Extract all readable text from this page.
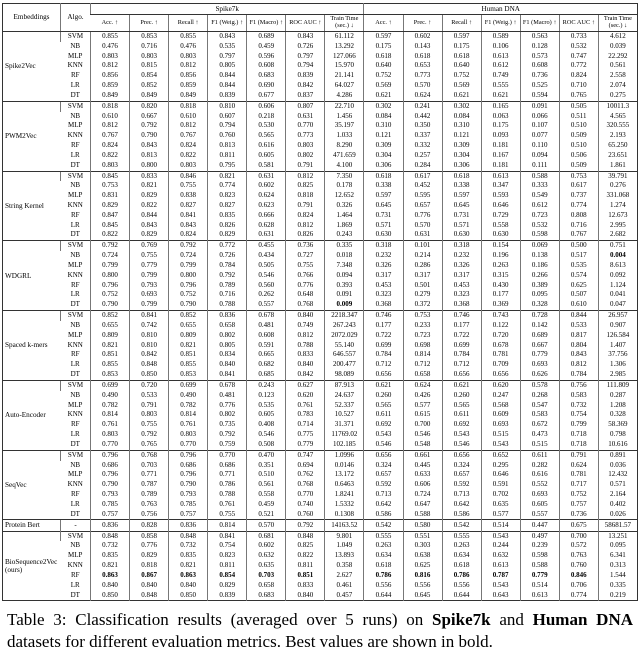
Embeddings	Algo.	Spike7k							Human DNA						
		Acc. ↑	Prec. ↑	Recall ↑	F1 (Weig.) ↑	F1 (Macro) ↑	ROC AUC ↑	Train Time (sec.) ↓	Acc. ↑	Prec. ↑	Recall ↑	F1 (Weig.) ↑	F1 (Macro) ↑	ROC AUC ↑	Train Time (sec.) ↓
Spike2Vec	SVM	0.855	0.853	0.855	0.843	0.689	0.843	61.112	0.597	0.602	0.597	0.589	0.563	0.733	4.612
	NB	0.476	0.716	0.476	0.535	0.459	0.726	13.292	0.175	0.143	0.175	0.106	0.128	0.532	0.039
	MLP	0.803	0.803	0.803	0.797	0.596	0.797	127.066	0.618	0.618	0.618	0.613	0.573	0.747	22.292
	KNN	0.812	0.815	0.812	0.805	0.608	0.794	15.970	0.640	0.653	0.640	0.612	0.608	0.772	0.561
	RF	0.856	0.854	0.856	0.844	0.683	0.839	21.141	0.752	0.773	0.752	0.749	0.736	0.824	2.558
	LR	0.859	0.852	0.859	0.844	0.690	0.842	64.027	0.569	0.570	0.569	0.555	0.525	0.710	2.074
	DT	0.849	0.849	0.849	0.839	0.677	0.837	4.286	0.621	0.624	0.621	0.621	0.594	0.765	0.275
PWM2Vec	SVM	0.818	0.820	0.818	0.810	0.606	0.807	22.710	0.302	0.241	0.302	0.165	0.091	0.505	10011.3
	NB	0.610	0.667	0.610	0.607	0.218	0.631	1.456	0.084	0.442	0.084	0.063	0.066	0.511	4.565
	MLP	0.812	0.792	0.812	0.794	0.530	0.770	35.197	0.310	0.350	0.310	0.175	0.107	0.510	320.555
	KNN	0.767	0.790	0.767	0.760	0.565	0.773	1.033	0.121	0.337	0.121	0.093	0.077	0.509	2.193
	RF	0.824	0.843	0.824	0.813	0.616	0.803	8.290	0.309	0.332	0.309	0.181	0.110	0.510	65.250
	LR	0.822	0.813	0.822	0.811	0.605	0.802	471.659	0.304	0.257	0.304	0.167	0.094	0.506	23.651
	DT	0.803	0.800	0.803	0.795	0.581	0.791	4.100	0.306	0.284	0.306	0.181	0.111	0.509	1.861
String Kernel	SVM	0.845	0.833	0.846	0.821	0.631	0.812	7.350	0.618	0.617	0.618	0.613	0.588	0.753	39.791
	NB	0.753	0.821	0.755	0.774	0.602	0.825	0.178	0.338	0.452	0.338	0.347	0.333	0.617	0.276
	MLP	0.831	0.829	0.838	0.823	0.624	0.818	12.652	0.597	0.595	0.597	0.593	0.549	0.737	331.068
	KNN	0.829	0.822	0.827	0.827	0.623	0.791	0.326	0.645	0.657	0.645	0.646	0.612	0.774	1.274
	RF	0.847	0.844	0.841	0.835	0.666	0.824	1.464	0.731	0.776	0.731	0.729	0.723	0.808	12.673
	LR	0.845	0.843	0.843	0.826	0.628	0.812	1.869	0.571	0.570	0.571	0.558	0.532	0.716	2.995
	DT	0.822	0.829	0.824	0.829	0.631	0.826	0.243	0.630	0.631	0.630	0.630	0.598	0.767	2.682
WDGRL	SVM	0.792	0.769	0.792	0.772	0.455	0.736	0.335	0.318	0.101	0.318	0.154	0.069	0.500	0.751
	NB	0.724	0.755	0.724	0.726	0.434	0.727	0.018	0.232	0.214	0.232	0.196	0.138	0.517	0.004
	MLP	0.799	0.779	0.799	0.784	0.505	0.755	7.348	0.326	0.286	0.326	0.263	0.186	0.535	8.613
	KNN	0.800	0.799	0.800	0.792	0.546	0.766	0.094	0.317	0.317	0.317	0.315	0.266	0.574	0.092
	RF	0.796	0.793	0.796	0.789	0.560	0.776	0.393	0.453	0.501	0.453	0.430	0.389	0.625	1.124
	LR	0.752	0.693	0.752	0.716	0.262	0.648	0.091	0.323	0.279	0.323	0.177	0.095	0.507	0.041
	DT	0.790	0.799	0.790	0.788	0.557	0.768	0.009	0.368	0.372	0.368	0.369	0.328	0.610	0.047
Spaced k-mers	SVM	0.852	0.841	0.852	0.836	0.678	0.840	2218.347	0.746	0.753	0.746	0.743	0.728	0.844	26.957
	NB	0.655	0.742	0.655	0.658	0.481	0.749	267.243	0.177	0.233	0.177	0.122	0.142	0.533	0.907
	MLP	0.809	0.810	0.809	0.802	0.608	0.812	2072.029	0.722	0.723	0.722	0.720	0.689	0.817	126.584
	KNN	0.821	0.810	0.821	0.805	0.591	0.788	55.140	0.699	0.698	0.699	0.678	0.667	0.804	1.407
	RF	0.851	0.842	0.851	0.834	0.665	0.833	646.557	0.784	0.814	0.784	0.781	0.779	0.843	37.756
	LR	0.855	0.848	0.855	0.840	0.682	0.840	200.477	0.712	0.712	0.712	0.709	0.693	0.812	1.306
	DT	0.853	0.850	0.853	0.841	0.685	0.842	98.089	0.656	0.658	0.656	0.656	0.626	0.784	2.985
Auto-Encoder	SVM	0.699	0.720	0.699	0.678	0.243	0.627	87.913	0.621	0.624	0.621	0.620	0.578	0.756	111.809
	NB	0.490	0.533	0.490	0.481	0.123	0.620	24.637	0.260	0.426	0.260	0.247	0.268	0.583	0.287
	MLP	0.782	0.791	0.782	0.776	0.535	0.761	52.337	0.565	0.577	0.565	0.568	0.547	0.732	1.208
	KNN	0.814	0.803	0.814	0.802	0.605	0.783	10.527	0.611	0.615	0.611	0.609	0.583	0.754	0.328
	RF	0.761	0.755	0.761	0.735	0.408	0.714	31.371	0.692	0.700	0.692	0.693	0.672	0.799	58.369
	LR	0.803	0.792	0.803	0.792	0.546	0.775	11769.02	0.543	0.546	0.543	0.515	0.473	0.718	0.798
	DT	0.770	0.765	0.770	0.759	0.508	0.779	102.185	0.546	0.548	0.546	0.543	0.515	0.718	10.616
SeqVec	SVM	0.796	0.768	0.796	0.770	0.470	0.747	1.0996	0.656	0.661	0.656	0.652	0.611	0.791	0.891
	NB	0.686	0.703	0.686	0.686	0.351	0.694	0.0146	0.324	0.445	0.324	0.295	0.282	0.624	0.036
	MLP	0.796	0.771	0.796	0.771	0.510	0.762	13.172	0.657	0.633	0.657	0.646	0.616	0.781	12.432
	KNN	0.790	0.787	0.790	0.786	0.561	0.768	0.6463	0.592	0.606	0.592	0.591	0.552	0.717	0.571
	RF	0.793	0.789	0.793	0.788	0.558	0.770	1.8241	0.713	0.724	0.713	0.702	0.693	0.752	2.164
	LR	0.785	0.763	0.785	0.761	0.459	0.740	1.5332	0.642	0.647	0.642	0.635	0.605	0.757	0.402
	DT	0.757	0.756	0.757	0.755	0.521	0.760	0.1308	0.586	0.588	0.586	0.577	0.557	0.736	0.026
Protein Bert	-	0.836	0.828	0.836	0.814	0.570	0.792	14163.52	0.542	0.580	0.542	0.514	0.447	0.675	58681.57
BioSequence2Vec (ours)	SVM	0.848	0.858	0.848	0.841	0.681	0.848	9.801	0.555	0.551	0.555	0.543	0.497	0.700	13.251
	NB	0.732	0.776	0.732	0.754	0.602	0.825	1.049	0.263	0.303	0.263	0.244	0.239	0.572	0.095
	MLP	0.835	0.829	0.835	0.823	0.632	0.822	13.893	0.634	0.638	0.634	0.632	0.598	0.763	6.341
	KNN	0.821	0.818	0.821	0.811	0.635	0.811	0.358	0.618	0.625	0.618	0.613	0.588	0.760	0.313
	RF	0.863	0.867	0.863	0.854	0.703	0.851	2.627	0.786	0.816	0.786	0.787	0.779	0.846	1.544
	LR	0.840	0.840	0.840	0.829	0.658	0.833	0.461	0.556	0.556	0.556	0.543	0.514	0.706	0.335
	DT	0.850	0.848	0.850	0.839	0.683	0.840	0.457	0.644	0.645	0.644	0.643	0.613	0.774	0.219

Table 3: Classification results (averaged over 5 runs) on Spike7k and Human DNA datasets for different evaluation metrics. Best values are shown in bold.
